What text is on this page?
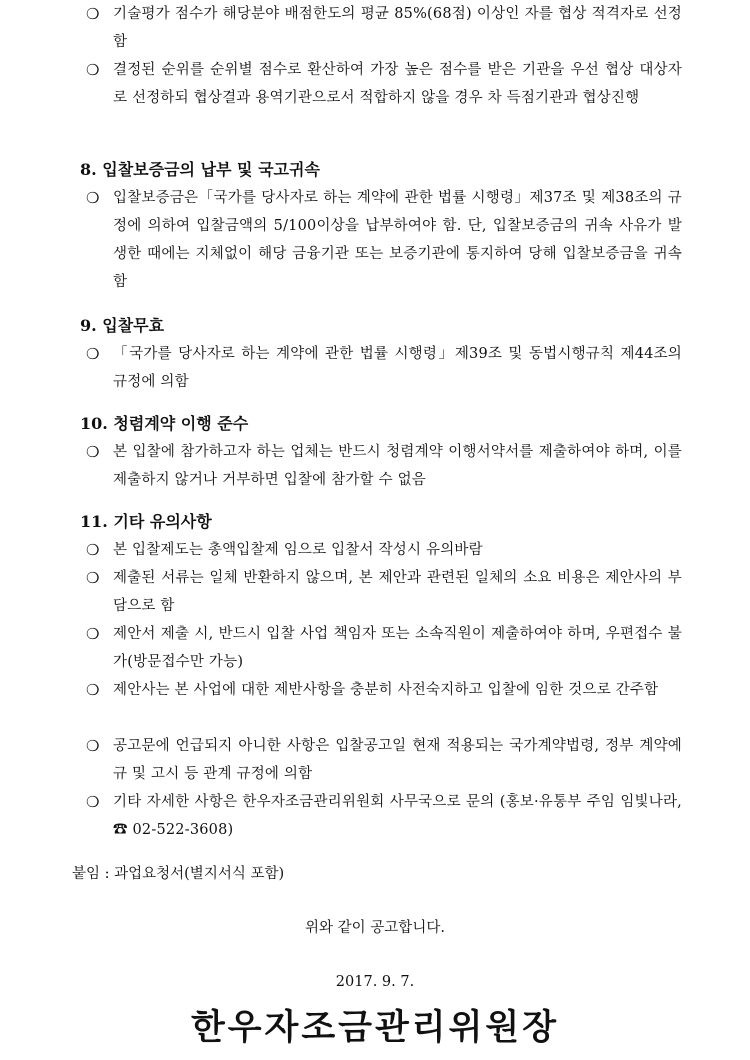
❍ 기술평가 점수가 해당분야 배점한도의 평균 85%(68점) 이상인 자를 협상 적격자로 선정함
❍ 결정된 순위를 순위별 점수로 환산하여 가장 높은 점수를 받은 기관을 우선 협상 대상자로 선정하되 협상결과 용역기관으로서 적합하지 않을 경우 차 득점기관과 협상진행
8. 입찰보증금의 납부 및 국고귀속
❍ 입찰보증금은「국가를 당사자로 하는 계약에 관한 법률 시행령」제37조 및 제38조의 규정에 의하여 입찰금액의 5/100이상을 납부하여야 함. 단, 입찰보증금의 귀속 사유가 발생한 때에는 지체없이 해당 금융기관 또는 보증기관에 통지하여 당해 입찰보증금을 귀속함
9. 입찰무효
❍ 「국가를 당사자로 하는 계약에 관한 법률 시행령」제39조 및 동법시행규칙 제44조의 규정에 의함
10. 청렴계약 이행 준수
❍ 본 입찰에 참가하고자 하는 업체는 반드시 청렴계약 이행서약서를 제출하여야 하며, 이를 제출하지 않거나 거부하면 입찰에 참가할 수 없음
11. 기타 유의사항
❍ 본 입찰제도는 총액입찰제 임으로 입찰서 작성시 유의바람
❍ 제출된 서류는 일체 반환하지 않으며, 본 제안과 관련된 일체의 소요 비용은 제안사의 부담으로 함
❍ 제안서 제출 시, 반드시 입찰 사업 책임자 또는 소속직원이 제출하여야 하며, 우편접수 불가(방문접수만 가능)
❍ 제안사는 본 사업에 대한 제반사항을 충분히 사전숙지하고 입찰에 임한 것으로 간주함
❍ 공고문에 언급되지 아니한 사항은 입찰공고일 현재 적용되는 국가계약법령, 정부 계약예규 및 고시 등 관계 규정에 의함
❍ 기타 자세한 사항은 한우자조금관리위원회 사무국으로 문의 (홍보·유통부 주임 임빛나라, ☎ 02-522-3608)
붙임 : 과업요청서(별지서식 포함)
위와 같이 공고합니다.
2017. 9. 7.
한우자조금관리위원장
